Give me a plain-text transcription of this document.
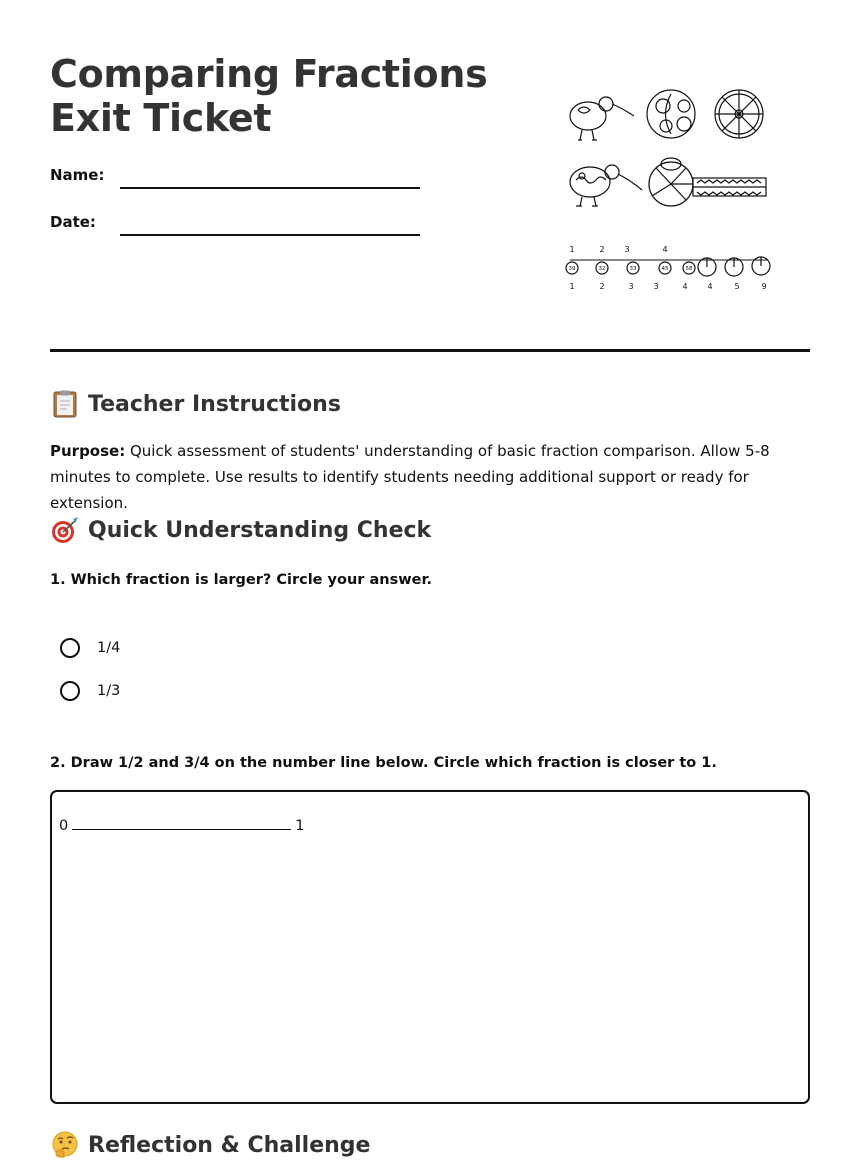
Comparing Fractions
Exit Ticket
Name:
Date:
1	2 3	4
39	32	33	45	58
1	2	3 3	4 4	5	9
Teacher Instructions

Purpose: Quick assessment of students' understanding of basic fraction comparison. Allow 5-8 minutes to complete. Use results to identify students needing additional support or ready for extension.

Quick Understanding Check

1. Which fraction is larger? Circle your answer.

1/4
1/3

2. Draw 1/2 and 3/4 on the number line below. Circle which fraction is closer to 1.

0	1
Reflection & Challenge
